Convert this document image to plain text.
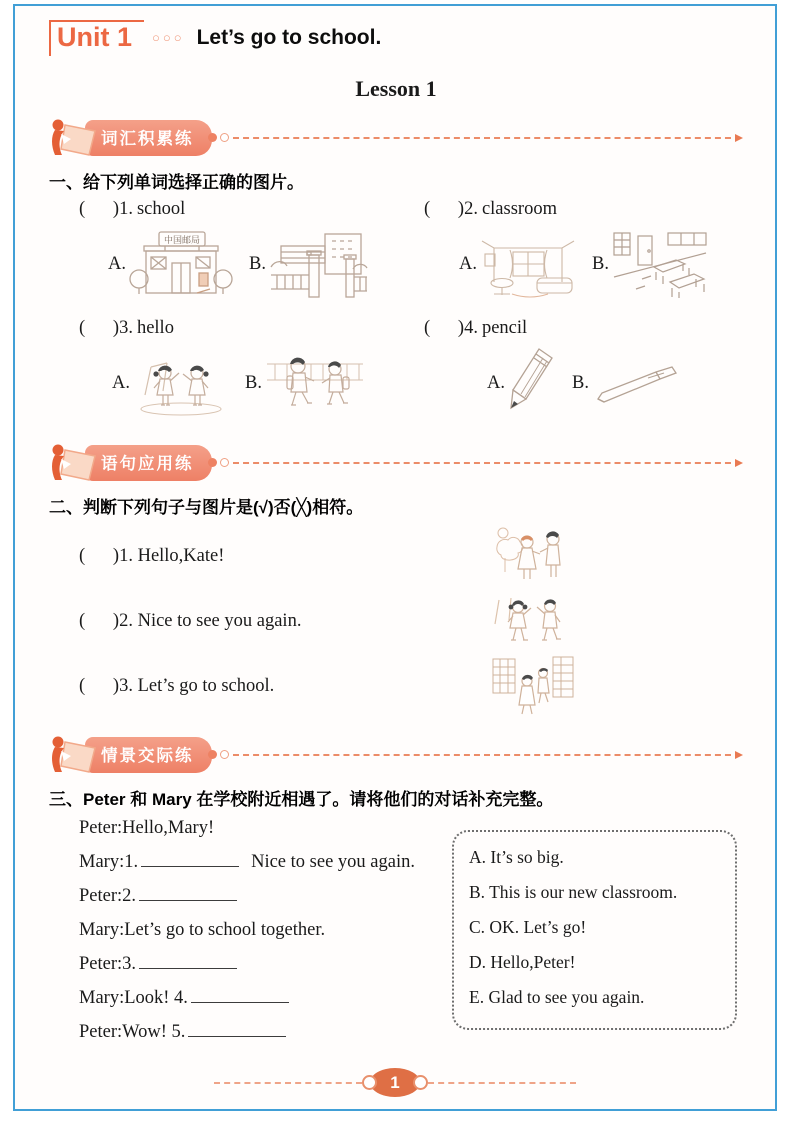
Unit 1	○○○ Let’s go to school.
Lesson 1
词汇积累练
一、给下列单词选择正确的图片。
(      )1. school
A.
中国邮局
B.
(      )2. classroom
A.	B.
(      )3. hello
A.	B.
(      )4. pencil
A.	B.
语句应用练
二、判断下列句子与图片是(√)否(╳)相符。
(      )1. Hello,Kate!
(      )2. Nice to see you again.
(      )3. Let’s go to school.
情景交际练
三、Peter 和 Mary 在学校附近相遇了。请将他们的对话补充完整。
Peter:Hello,Mary!
Mary:1.	Nice to see you again.
Peter:2.
Mary:Let’s go to school together.
Peter:3.
Mary:Look! 4.
Peter:Wow! 5.
A. It’s so big.
B. This is our new classroom.
C. OK. Let’s go!
D. Hello,Peter!
E. Glad to see you again.
1
